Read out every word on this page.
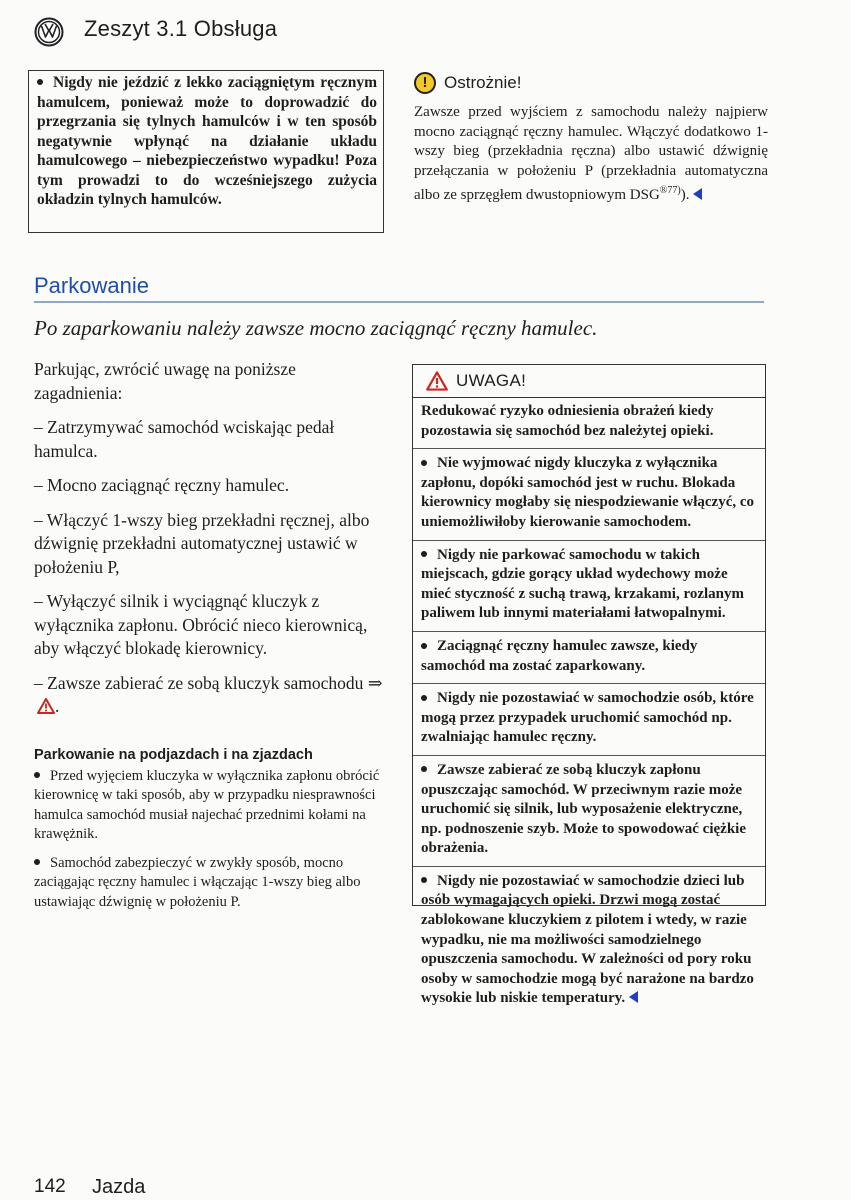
Zeszyt 3.1 Obsługa

Nigdy nie jeździć z lekko zaciągniętym ręcznym hamulcem, ponieważ może to doprowadzić do przegrzania się tylnych hamulców i w ten sposób negatywnie wpłynąć na działanie układu hamulcowego – niebezpieczeństwo wypadku! Poza tym prowadzi to do wcześniejszego zużycia okładzin tylnych hamulców.

! Ostrożnie!

Zawsze przed wyjściem z samochodu należy najpierw mocno zaciągnąć ręczny hamulec. Włączyć dodatkowo 1-wszy bieg (przekładnia ręczna) albo ustawić dźwignię przełączania w położeniu P (przekładnia automatyczna albo ze sprzęgłem dwustopniowym $DSG^{®77)}$).

Parkowanie
Po zaparkowaniu należy zawsze mocno zaciągnąć ręczny hamulec.

Parkując, zwrócić uwagę na poniższe zagadnienia:

– Zatrzymywać samochód wciskając pedał hamulca.

– Mocno zaciągnąć ręczny hamulec.

– Włączyć 1-wszy bieg przekładni ręcznej, albo dźwignię przekładni automatycznej ustawić w położeniu P,

– Wyłączyć silnik i wyciągnąć kluczyk z wyłącznika zapłonu. Obrócić nieco kierownicą, aby włączyć blokadę kierownicy.

– Zawsze zabierać ze sobą kluczyk samochodu ⇒.

Parkowanie na podjazdach i na zjazdach

Przed wyjęciem kluczyka w wyłącznika zapłonu obrócić kierownicę w taki sposób, aby w przypadku niesprawności hamulca samochód musiał najechać przednimi kołami na krawężnik.

Samochód zabezpieczyć w zwykły sposób, mocno zaciągając ręczny hamulec i włączając 1-wszy bieg albo ustawiając dźwignię w położeniu P.

UWAGA!

Redukować ryzyko odniesienia obrażeń kiedy pozostawia się samochód bez należytej opieki.

Nie wyjmować nigdy kluczyka z wyłącznika zapłonu, dopóki samochód jest w ruchu. Blokada kierownicy mogłaby się niespodziewanie włączyć, co uniemożliwiłoby kierowanie samochodem.

Nigdy nie parkować samochodu w takich miejscach, gdzie gorący układ wydechowy może mieć styczność z suchą trawą, krzakami, rozlanym paliwem lub innymi materiałami łatwopalnymi.

Zaciągnąć ręczny hamulec zawsze, kiedy samochód ma zostać zaparkowany.

Nigdy nie pozostawiać w samochodzie osób, które mogą przez przypadek uruchomić samochód np. zwalniając hamulec ręczny.

Zawsze zabierać ze sobą kluczyk zapłonu opuszczając samochód. W przeciwnym razie może uruchomić się silnik, lub wyposażenie elektryczne, np. podnoszenie szyb. Może to spowodować ciężkie obrażenia.

Nigdy nie pozostawiać w samochodzie dzieci lub osób wymagających opieki. Drzwi mogą zostać zablokowane kluczykiem z pilotem i wtedy, w razie wypadku, nie ma możliwości samodzielnego opuszczenia samochodu. W zależności od pory roku osoby w samochodzie mogą być narażone na bardzo wysokie lub niskie temperatury.

142 Jazda
